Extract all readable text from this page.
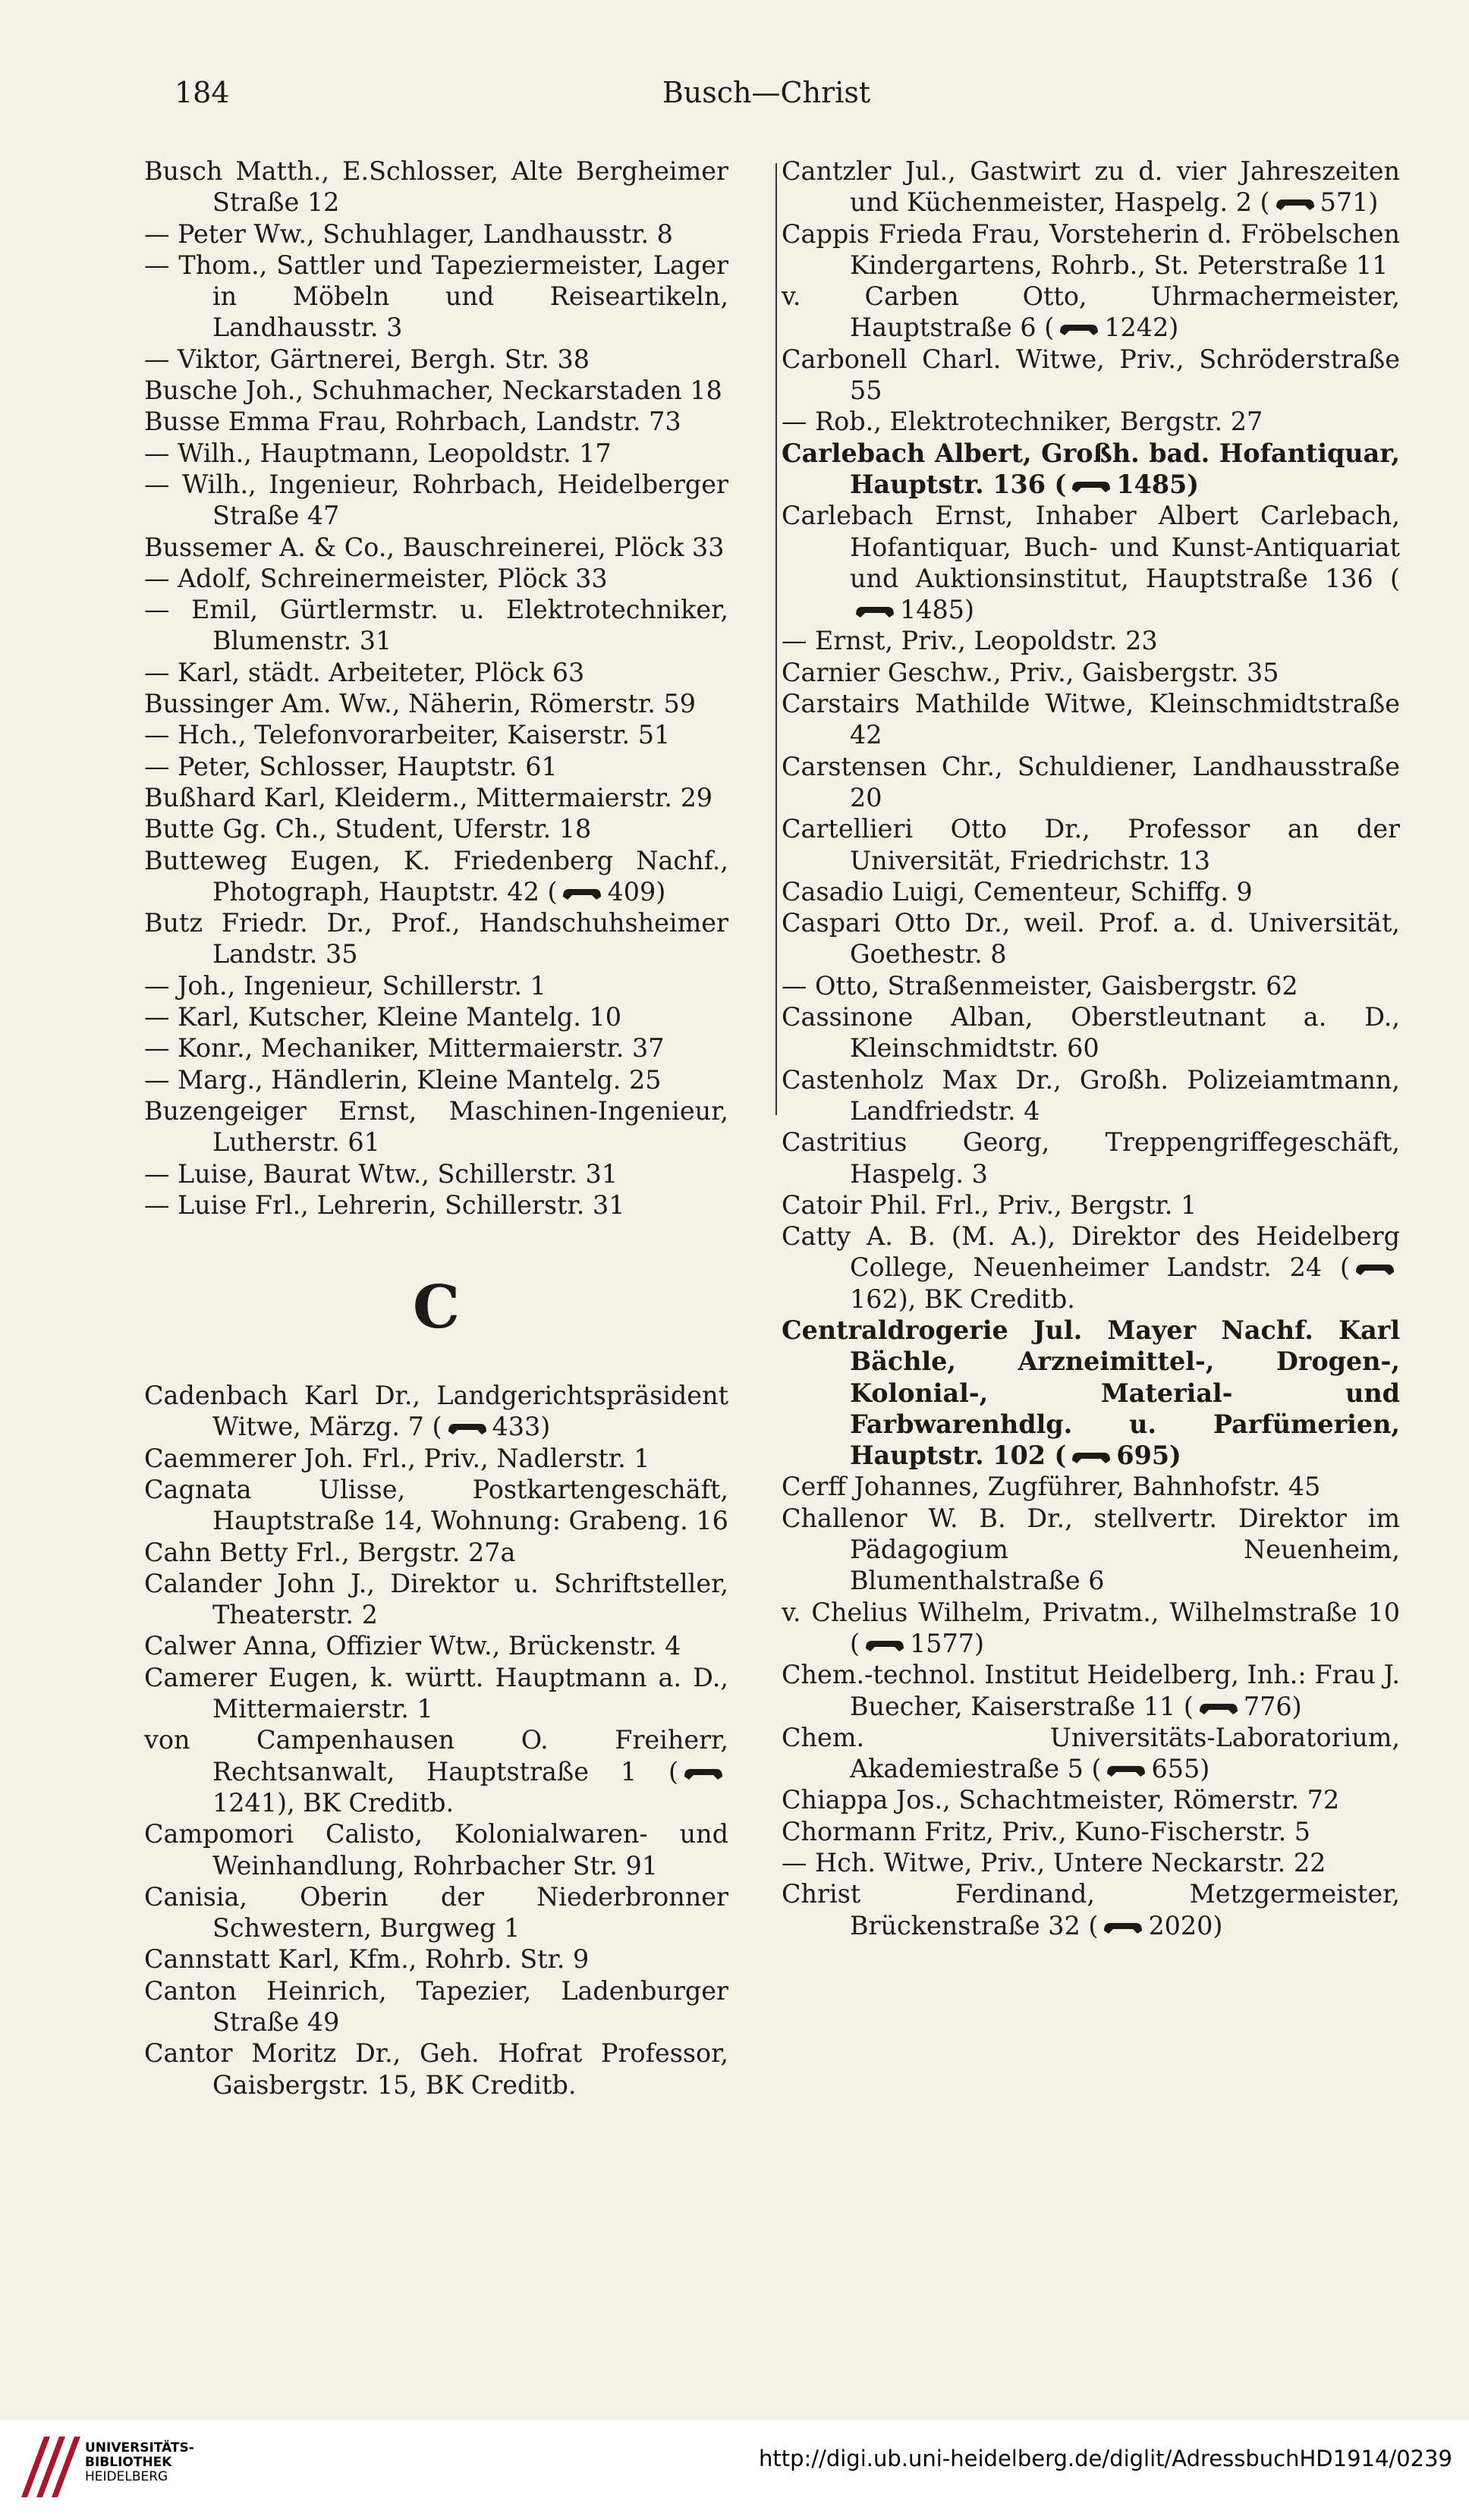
184	Busch—Christ

Busch Matth., E.Schlosser, Alte Bergheimer Straße 12

— Peter Ww., Schuhlager, Landhausstr. 8

— Thom., Sattler und Tapeziermeister, Lager in Möbeln und Reiseartikeln, Landhausstr. 3

— Viktor, Gärtnerei, Bergh. Str. 38

Busche Joh., Schuhmacher, Neckarstaden 18

Busse Emma Frau, Rohrbach, Landstr. 73

— Wilh., Hauptmann, Leopoldstr. 17

— Wilh., Ingenieur, Rohrbach, Heidelberger Straße 47

Bussemer A. & Co., Bauschreinerei, Plöck 33

— Adolf, Schreinermeister, Plöck 33

— Emil, Gürtlermstr. u. Elektrotechniker, Blumenstr. 31

— Karl, städt. Arbeiteter, Plöck 63

Bussinger Am. Ww., Näherin, Römerstr. 59

— Hch., Telefonvorarbeiter, Kaiserstr. 51

— Peter, Schlosser, Hauptstr. 61

Bußhard Karl, Kleiderm., Mittermaierstr. 29

Butte Gg. Ch., Student, Uferstr. 18

Butteweg Eugen, K. Friedenberg Nachf., Photograph, Hauptstr. 42 ( 409)

Butz Friedr. Dr., Prof., Handschuhsheimer Landstr. 35

— Joh., Ingenieur, Schillerstr. 1

— Karl, Kutscher, Kleine Mantelg. 10

— Konr., Mechaniker, Mittermaierstr. 37

— Marg., Händlerin, Kleine Mantelg. 25

Buzengeiger Ernst, Maschinen-Ingenieur, Lutherstr. 61

— Luise, Baurat Wtw., Schillerstr. 31

— Luise Frl., Lehrerin, Schillerstr. 31

C

Cadenbach Karl Dr., Landgerichtspräsident Witwe, Märzg. 7 ( 433)

Caemmerer Joh. Frl., Priv., Nadlerstr. 1

Cagnata Ulisse, Postkartengeschäft, Hauptstraße 14, Wohnung: Grabeng. 16

Cahn Betty Frl., Bergstr. 27a

Calander John J., Direktor u. Schriftsteller, Theaterstr. 2

Calwer Anna, Offizier Wtw., Brückenstr. 4

Camerer Eugen, k. württ. Hauptmann a. D., Mittermaierstr. 1

von Campenhausen O. Freiherr, Rechtsanwalt, Hauptstraße 1 (1241), BK Creditb.

Campomori Calisto, Kolonialwaren- und Weinhandlung, Rohrbacher Str. 91

Canisia, Oberin der Niederbronner Schwestern, Burgweg 1

Cannstatt Karl, Kfm., Rohrb. Str. 9

Canton Heinrich, Tapezier, Ladenburger Straße 49

Cantor Moritz Dr., Geh. Hofrat Professor, Gaisbergstr. 15, BK Creditb.

Cantzler Jul., Gastwirt zu d. vier Jahreszeiten und Küchenmeister, Haspelg. 2 ( 571)

Cappis Frieda Frau, Vorsteherin d. Fröbelschen Kindergartens, Rohrb., St. Peterstraße 11

v. Carben Otto, Uhrmachermeister, Hauptstraße 6 ( 1242)

Carbonell Charl. Witwe, Priv., Schröderstraße 55

— Rob., Elektrotechniker, Bergstr. 27

Carlebach Albert, Großh. bad. Hofantiquar, Hauptstr. 136 ( 1485)

Carlebach Ernst, Inhaber Albert Carlebach, Hofantiquar, Buch- und Kunst-Antiquariat und Auktionsinstitut, Hauptstraße 136 (1485)

— Ernst, Priv., Leopoldstr. 23

Carnier Geschw., Priv., Gaisbergstr. 35

Carstairs Mathilde Witwe, Kleinschmidtstraße 42

Carstensen Chr., Schuldiener, Landhausstraße 20

Cartellieri Otto Dr., Professor an der Universität, Friedrichstr. 13

Casadio Luigi, Cementeur, Schiffg. 9

Caspari Otto Dr., weil. Prof. a. d. Universität, Goethestr. 8

— Otto, Straßenmeister, Gaisbergstr. 62

Cassinone Alban, Oberstleutnant a. D., Kleinschmidtstr. 60

Castenholz Max Dr., Großh. Polizeiamtmann, Landfriedstr. 4

Castritius Georg, Treppengriffegeschäft, Haspelg. 3

Catoir Phil. Frl., Priv., Bergstr. 1

Catty A. B. (M. A.), Direktor des Heidelberg College, Neuenheimer Landstr. 24 (162), BK Creditb.

Centraldrogerie Jul. Mayer Nachf. Karl Bächle, Arzneimittel-, Drogen-, Kolonial-, Material- und Farbwarenhdlg. u. Parfümerien, Hauptstr. 102 ( 695)

Cerff Johannes, Zugführer, Bahnhofstr. 45

Challenor W. B. Dr., stellvertr. Direktor im Pädagogium Neuenheim, Blumenthalstraße 6

v. Chelius Wilhelm, Privatm., Wilhelmstraße 10 ( 1577)

Chem.-technol. Institut Heidelberg, Inh.: Frau J. Buecher, Kaiserstraße 11 ( 776)

Chem. Universitäts-Laboratorium, Akademiestraße 5 ( 655)

Chiappa Jos., Schachtmeister, Römerstr. 72

Chormann Fritz, Priv., Kuno-Fischerstr. 5

— Hch. Witwe, Priv., Untere Neckarstr. 22

Christ Ferdinand, Metzgermeister, Brückenstraße 32 ( 2020)

UNIVERSITÄTS-
BIBLIOTHEK
HEIDELBERG
http://digi.ub.uni-heidelberg.de/diglit/AdressbuchHD1914/0239
